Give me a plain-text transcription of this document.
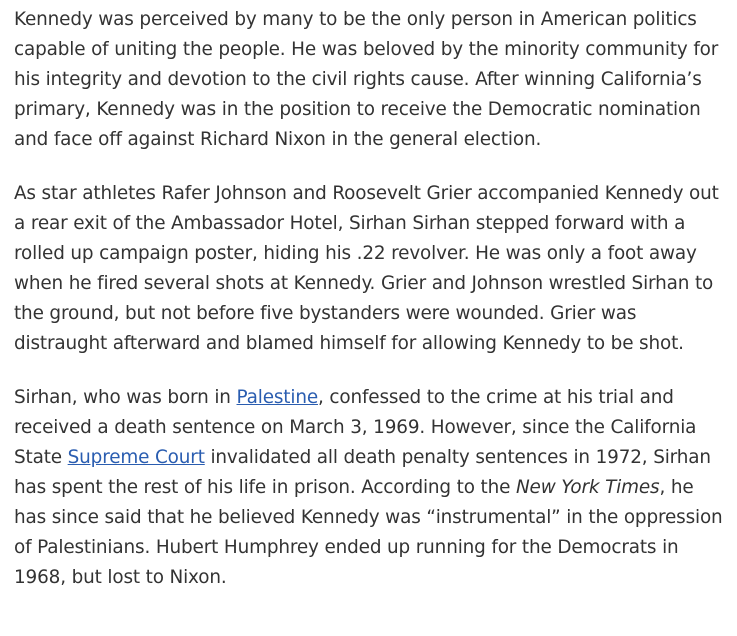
Kennedy was perceived by many to be the only person in American politics capable of uniting the people. He was beloved by the minority community for his integrity and devotion to the civil rights cause. After winning California’s primary, Kennedy was in the position to receive the Democratic nomination and face off against Richard Nixon in the general election.

As star athletes Rafer Johnson and Roosevelt Grier accompanied Kennedy out a rear exit of the Ambassador Hotel, Sirhan Sirhan stepped forward with a rolled up campaign poster, hiding his .22 revolver. He was only a foot away when he fired several shots at Kennedy. Grier and Johnson wrestled Sirhan to the ground, but not before five bystanders were wounded. Grier was distraught afterward and blamed himself for allowing Kennedy to be shot.

Sirhan, who was born in Palestine, confessed to the crime at his trial and received a death sentence on March 3, 1969. However, since the California State Supreme Court invalidated all death penalty sentences in 1972, Sirhan has spent the rest of his life in prison. According to the New York Times, he has since said that he believed Kennedy was “instrumental” in the oppression of Palestinians. Hubert Humphrey ended up running for the Democrats in 1968, but lost to Nixon.
